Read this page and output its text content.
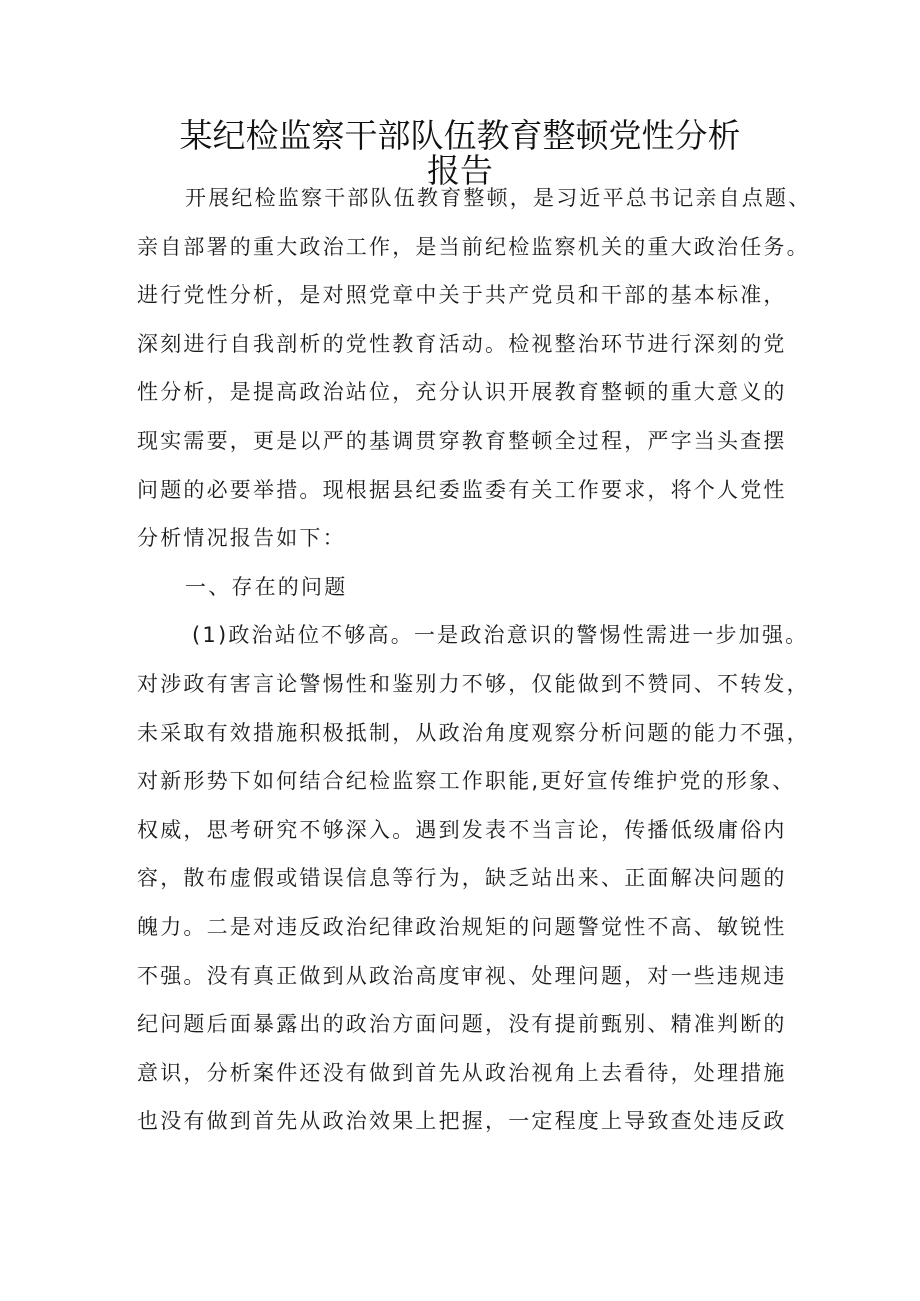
某纪检监察干部队伍教育整顿党性分析报告
开展纪检监察干部队伍教育整顿，是习近平总书记亲自点题、
亲自部署的重大政治工作，是当前纪检监察机关的重大政治任务。
进行党性分析，是对照党章中关于共产党员和干部的基本标准，
深刻进行自我剖析的党性教育活动。检视整治环节进行深刻的党
性分析，是提高政治站位，充分认识开展教育整顿的重大意义的
现实需要，更是以严的基调贯穿教育整顿全过程，严字当头查摆
问题的必要举措。现根据县纪委监委有关工作要求，将个人党性
分析情况报告如下：
一、存在的问题
(1)政治站位不够高。一是政治意识的警惕性需进一步加强。
对涉政有害言论警惕性和鉴别力不够，仅能做到不赞同、不转发，
未采取有效措施积极抵制，从政治角度观察分析问题的能力不强，
对新形势下如何结合纪检监察工作职能,更好宣传维护党的形象、
权威，思考研究不够深入。遇到发表不当言论，传播低级庸俗内
容，散布虚假或错误信息等行为，缺乏站出来、正面解决问题的
魄力。二是对违反政治纪律政治规矩的问题警觉性不高、敏锐性
不强。没有真正做到从政治高度审视、处理问题，对一些违规违
纪问题后面暴露出的政治方面问题，没有提前甄别、精准判断的
意识，分析案件还没有做到首先从政治视角上去看待，处理措施
也没有做到首先从政治效果上把握，一定程度上导致查处违反政
